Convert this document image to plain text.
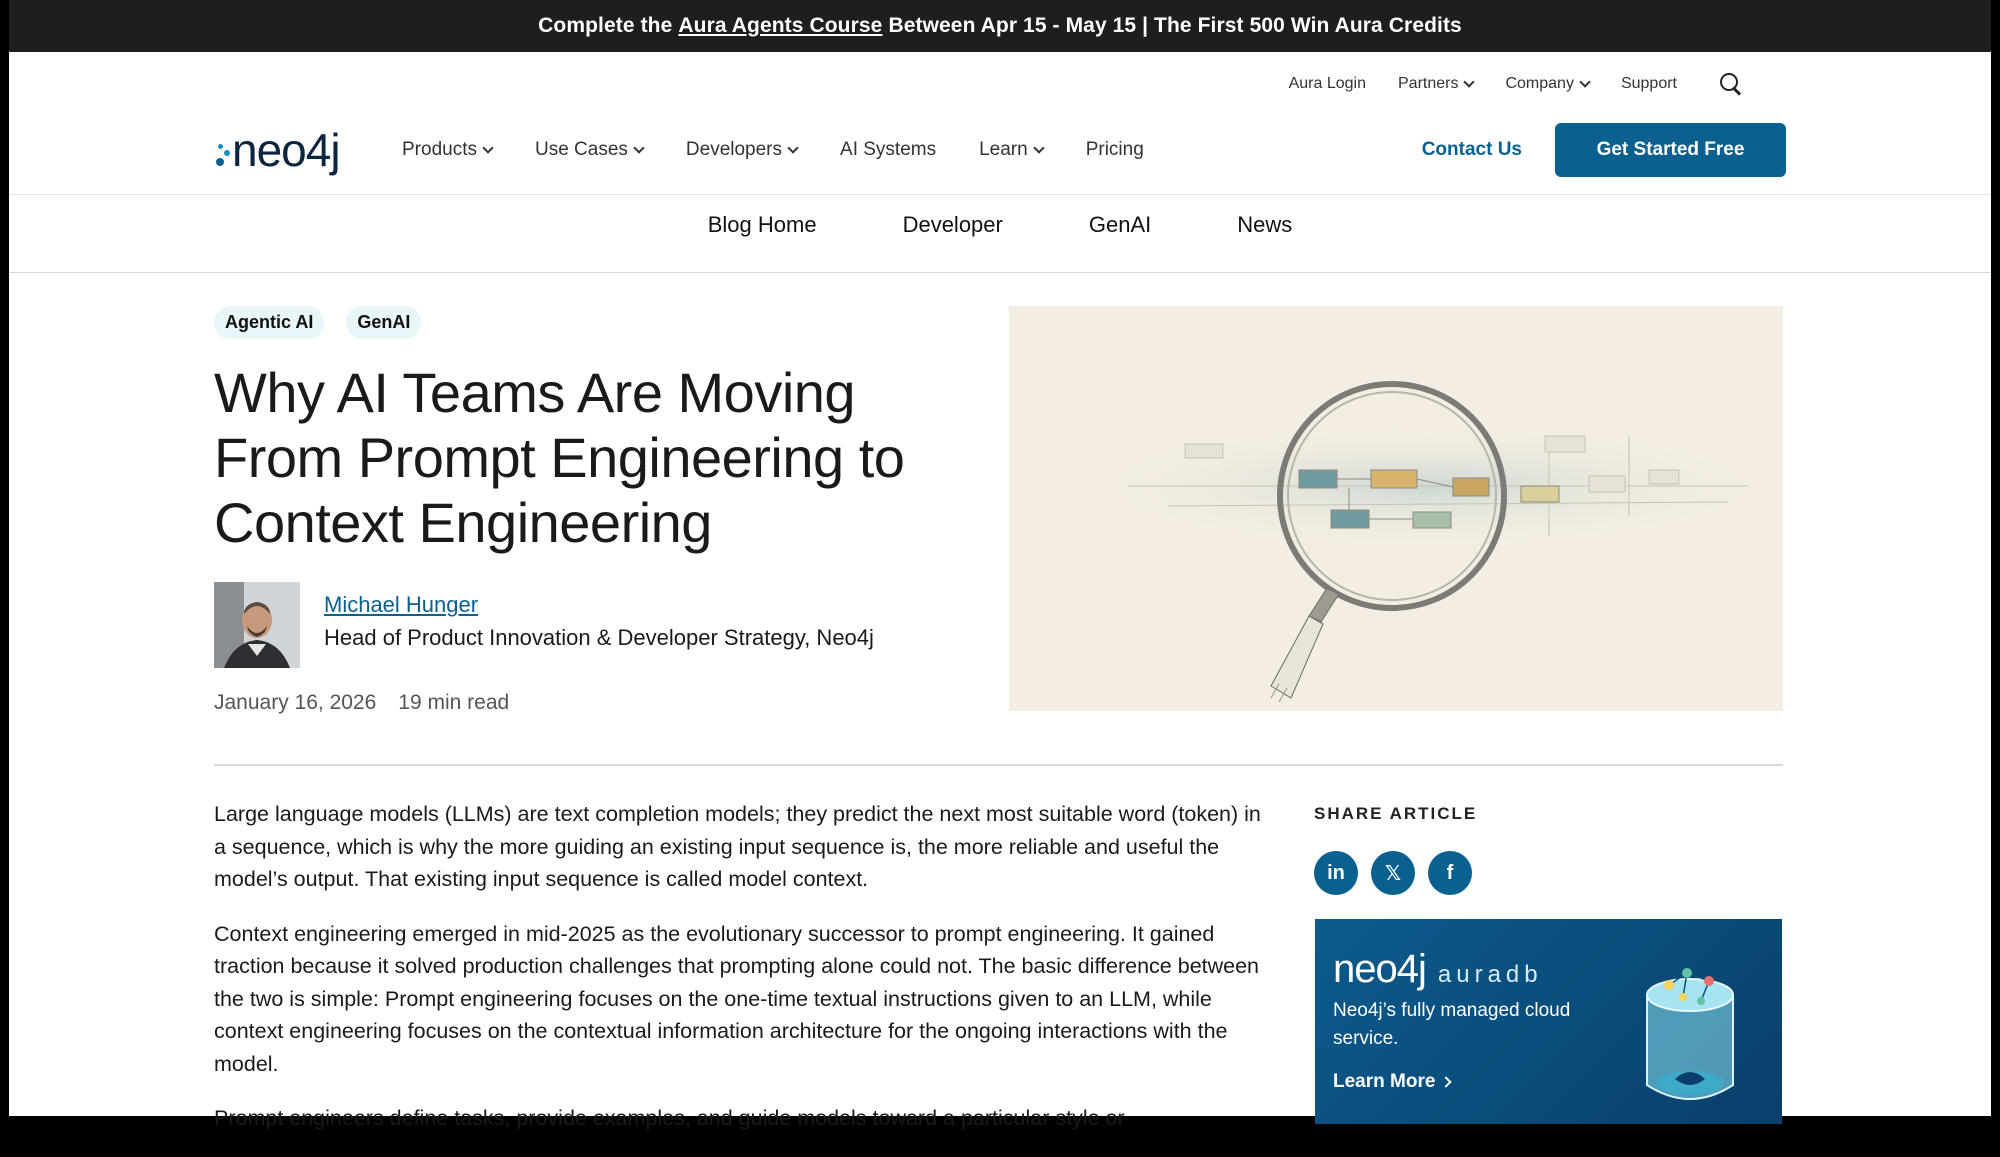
Complete the Aura Agents Course Between Apr 15 - May 15 | The First 500 Win Aura Credits
Aura Login Partners	Company	Support
neo4j	Products	Use Cases	Developers	AI Systems Learn	Pricing	Contact Us	Get Started Free
Blog Home	Developer	GenAI	News
Agentic AI	GenAI
Why AI Teams Are Moving From Prompt Engineering to Context Engineering
Michael Hunger
Head of Product Innovation & Developer Strategy, Neo4j
January 16, 2026 19 min read

Large language models (LLMs) are text completion models; they predict the next most suitable word (token) in a sequence, which is why the more guiding an existing input sequence is, the more reliable and useful the model’s output. That existing input sequence is called model context.

Context engineering emerged in mid-2025 as the evolutionary successor to prompt engineering. It gained traction because it solved production challenges that prompting alone could not. The basic difference between the two is simple: Prompt engineering focuses on the one-time textual instructions given to an LLM, while context engineering focuses on the contextual information architecture for the ongoing interactions with the model.

Prompt engineers define tasks, provide examples, and guide models toward a particular style or

SHARE ARTICLE
in	𝕏	f
neo4j auradb
Neo4j’s fully managed cloud service.
Learn More
